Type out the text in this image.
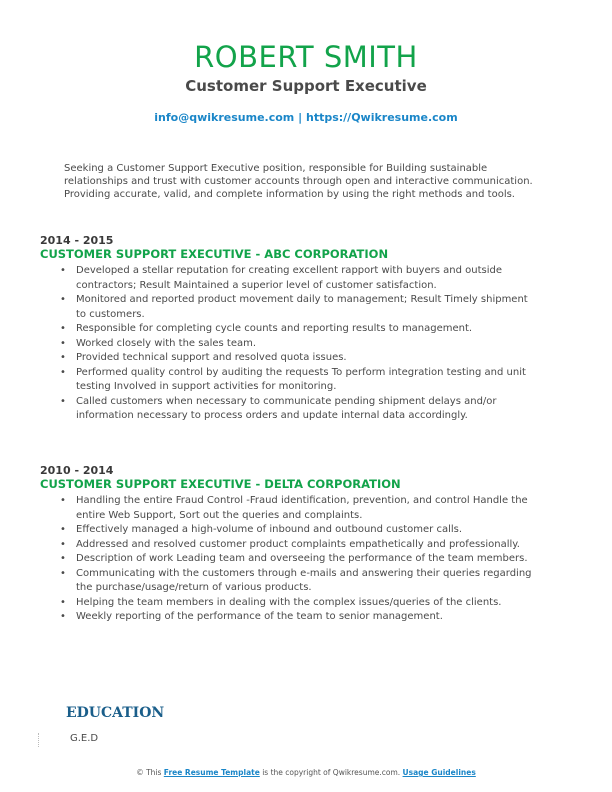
ROBERT SMITH
Customer Support Executive
info@qwikresume.com | https://Qwikresume.com
Seeking a Customer Support Executive position, responsible for Building sustainable relationships and trust with customer accounts through open and interactive communication. Providing accurate, valid, and complete information by using the right methods and tools.
2014 - 2015
CUSTOMER SUPPORT EXECUTIVE - ABC CORPORATION
• Developed a stellar reputation for creating excellent rapport with buyers and outside contractors; Result Maintained a superior level of customer satisfaction.
• Monitored and reported product movement daily to management; Result Timely shipment to customers.
• Responsible for completing cycle counts and reporting results to management.
• Worked closely with the sales team.
• Provided technical support and resolved quota issues.
• Performed quality control by auditing the requests To perform integration testing and unit testing Involved in support activities for monitoring.
• Called customers when necessary to communicate pending shipment delays and/or information necessary to process orders and update internal data accordingly.
2010 - 2014
CUSTOMER SUPPORT EXECUTIVE - DELTA CORPORATION
• Handling the entire Fraud Control -Fraud identification, prevention, and control Handle the entire Web Support, Sort out the queries and complaints.
• Effectively managed a high-volume of inbound and outbound customer calls.
• Addressed and resolved customer product complaints empathetically and professionally.
• Description of work Leading team and overseeing the performance of the team members.
• Communicating with the customers through e-mails and answering their queries regarding the purchase/usage/return of various products.
• Helping the team members in dealing with the complex issues/queries of the clients.
• Weekly reporting of the performance of the team to senior management.
EDUCATION
G.E.D
© This Free Resume Template is the copyright of Qwikresume.com. Usage Guidelines
